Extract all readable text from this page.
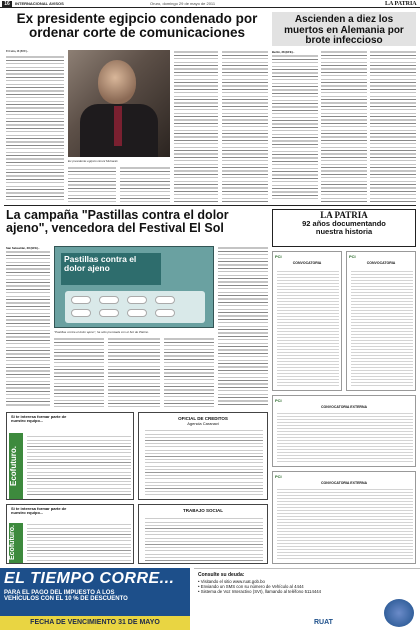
16	INTERNACIONAL AVISOS	Oruro, domingo 29 de mayo de 2011	LA PATRIA
Ex presidente egipcio condenado por ordenar corte de comunicaciones
El Cairo, 28 (EFE).-
Ex presidente egipcio Hosni Mubarak
Ascienden a diez los muertos en Alemania por brote infeccioso
Berlín, 28 (EFE).-
La campaña "Pastillas contra el dolor ajeno", vencedora del Festival El Sol
San Sebastián, 28 (EFE).-
Pastillas contra el dolor ajeno
"Pastillas contra el dolor ajeno", ha sido premiada con el Sol de Platino.
Si te interesa formar parte de nuestro equipo...
Ecofuturo.
OFICIAL DE CREDITOS
Agencia Caranavi
Si te interesa formar parte de nuestro equipo...
Ecofuturo.
TRABAJO SOCIAL
LA PATRIA
92 años documentando
nuestra historia
PCI
CONVOCATORIA
PCI
CONVOCATORIA
PCI
CONVOCATORIA EXTERNA
PCI
CONVOCATORIA EXTERNA
EL TIEMPO CORRE...
PARA EL PAGO DEL IMPUESTO A LOS
VEHÍCULOS CON EL 10 % DE DESCUENTO
FECHA DE VENCIMIENTO 31 DE MAYO
Consulte su deuda:
• Visitando el sitio www.ruat.gob.bo
• Enviando un SMS con su número de Vehículo al 4444
• Sistema de Voz Interactivo (SVI), llamando al teléfono 5114444
RUAT
